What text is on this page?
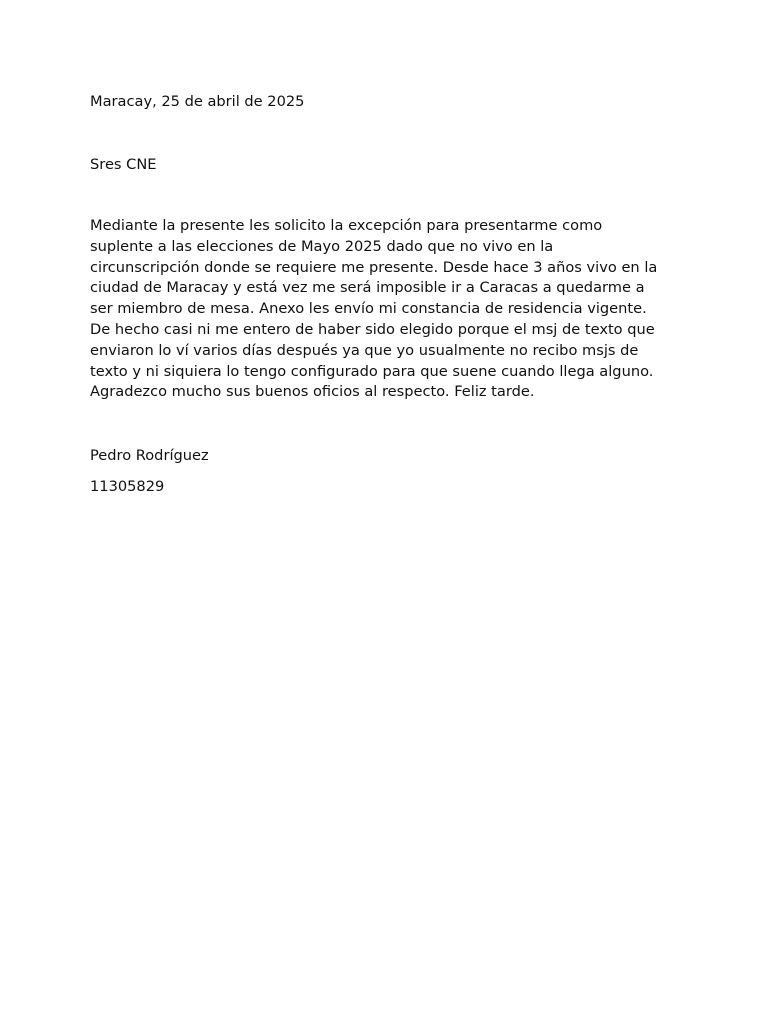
Maracay, 25 de abril de 2025

Sres CNE

Mediante la presente les solicito la excepción para presentarme como
suplente a las elecciones de Mayo 2025 dado que no vivo en la
circunscripción donde se requiere me presente. Desde hace 3 años vivo en la
ciudad de Maracay y está vez me será imposible ir a Caracas a quedarme a
ser miembro de mesa. Anexo les envío mi constancia de residencia vigente.
De hecho casi ni me entero de haber sido elegido porque el msj de texto que
enviaron lo ví varios días después ya que yo usualmente no recibo msjs de
texto y ni siquiera lo tengo configurado para que suene cuando llega alguno.
Agradezco mucho sus buenos oficios al respecto. Feliz tarde.

Pedro Rodríguez

11305829
